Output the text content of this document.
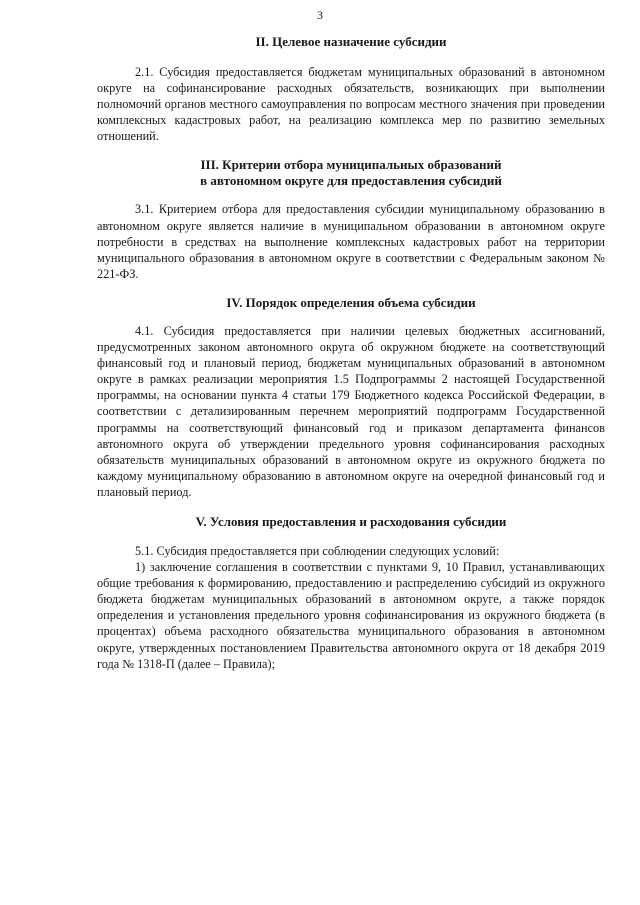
3

II. Целевое назначение субсидии

2.1. Субсидия предоставляется бюджетам муниципальных образований в автономном округе на софинансирование расходных обязательств, возникающих при выполнении полномочий органов местного самоуправления по вопросам местного значения при проведении комплексных кадастровых работ, на реализацию комплекса мер по развитию земельных отношений.

III. Критерии отбора муниципальных образований

в автономном округе для предоставления субсидий

3.1. Критерием отбора для предоставления субсидии муниципальному образованию в автономном округе является наличие в муниципальном образовании в автономном округе потребности в средствах на выполнение комплексных кадастровых работ на территории муниципального образования в автономном округе в соответствии с Федеральным законом № 221-ФЗ.

IV. Порядок определения объема субсидии

4.1. Субсидия предоставляется при наличии целевых бюджетных ассигнований, предусмотренных законом автономного округа об окружном бюджете на соответствующий финансовый год и плановый период, бюджетам муниципальных образований в автономном округе в рамках реализации мероприятия 1.5 Подпрограммы 2 настоящей Государственной программы, на основании пункта 4 статьи 179 Бюджетного кодекса Российской Федерации, в соответствии с детализированным перечнем мероприятий подпрограмм Государственной программы на соответствующий финансовый год и приказом департамента финансов автономного округа об утверждении предельного уровня софинансирования расходных обязательств муниципальных образований в автономном округе из окружного бюджета по каждому муниципальному образованию в автономном округе на очередной финансовый год и плановый период.

V. Условия предоставления и расходования субсидии

5.1. Субсидия предоставляется при соблюдении следующих условий:

1) заключение соглашения в соответствии с пунктами 9, 10 Правил, устанавливающих общие требования к формированию, предоставлению и распределению субсидий из окружного бюджета бюджетам муниципальных образований в автономном округе, а также порядок определения и установления предельного уровня софинансирования из окружного бюджета (в процентах) объема расходного обязательства муниципального образования в автономном округе, утвержденных постановлением Правительства автономного округа от 18 декабря 2019 года № 1318-П (далее – Правила);
